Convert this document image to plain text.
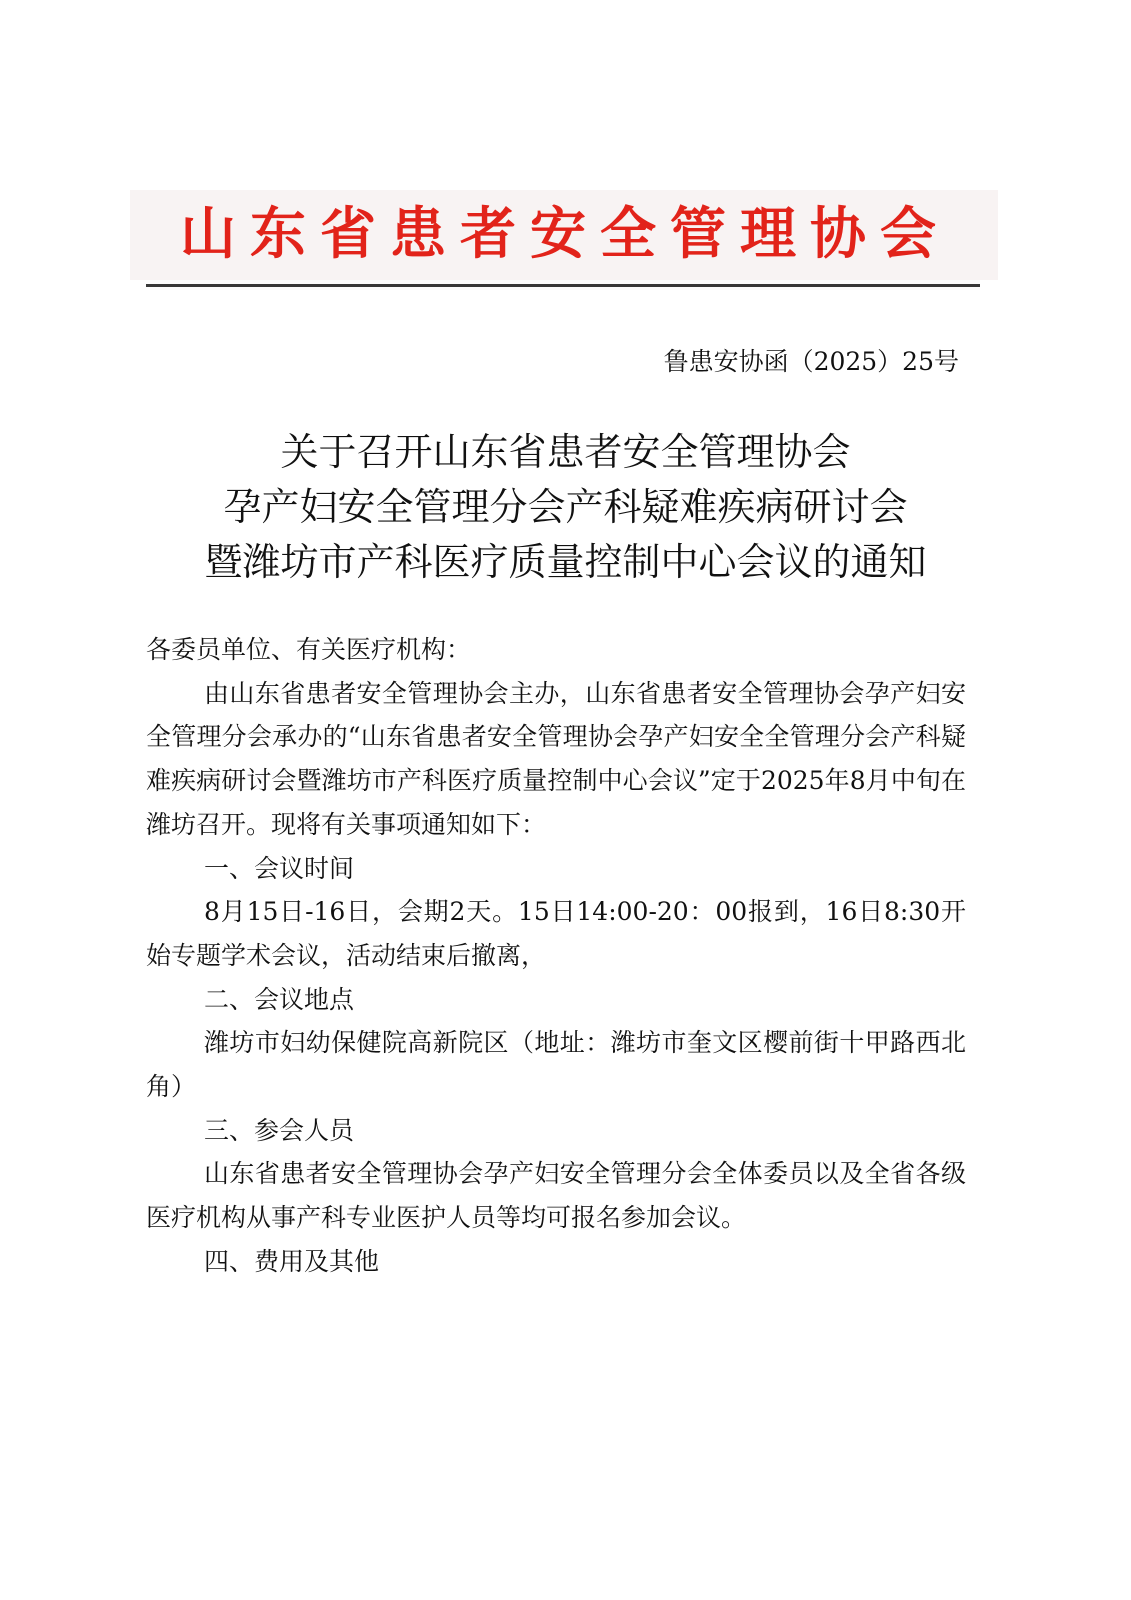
山东省患者安全管理协会
鲁患安协函（2025）25号
关于召开山东省患者安全管理协会
孕产妇安全管理分会产科疑难疾病研讨会
暨潍坊市产科医疗质量控制中心会议的通知

各委员单位、有关医疗机构：

由山东省患者安全管理协会主办，山东省患者安全管理协会孕产妇安全管理分会承办的“山东省患者安全管理协会孕产妇安全全管理分会产科疑难疾病研讨会暨潍坊市产科医疗质量控制中心会议”定于2025年8月中旬在潍坊召开。现将有关事项通知如下：

一、会议时间

8月15日-16日，会期2天。15日14:00-20：00报到，16日8:30开始专题学术会议，活动结束后撤离，

二、会议地点

潍坊市妇幼保健院高新院区（地址：潍坊市奎文区樱前街十甲路西北角）

三、参会人员

山东省患者安全管理协会孕产妇安全管理分会全体委员以及全省各级医疗机构从事产科专业医护人员等均可报名参加会议。

四、费用及其他
